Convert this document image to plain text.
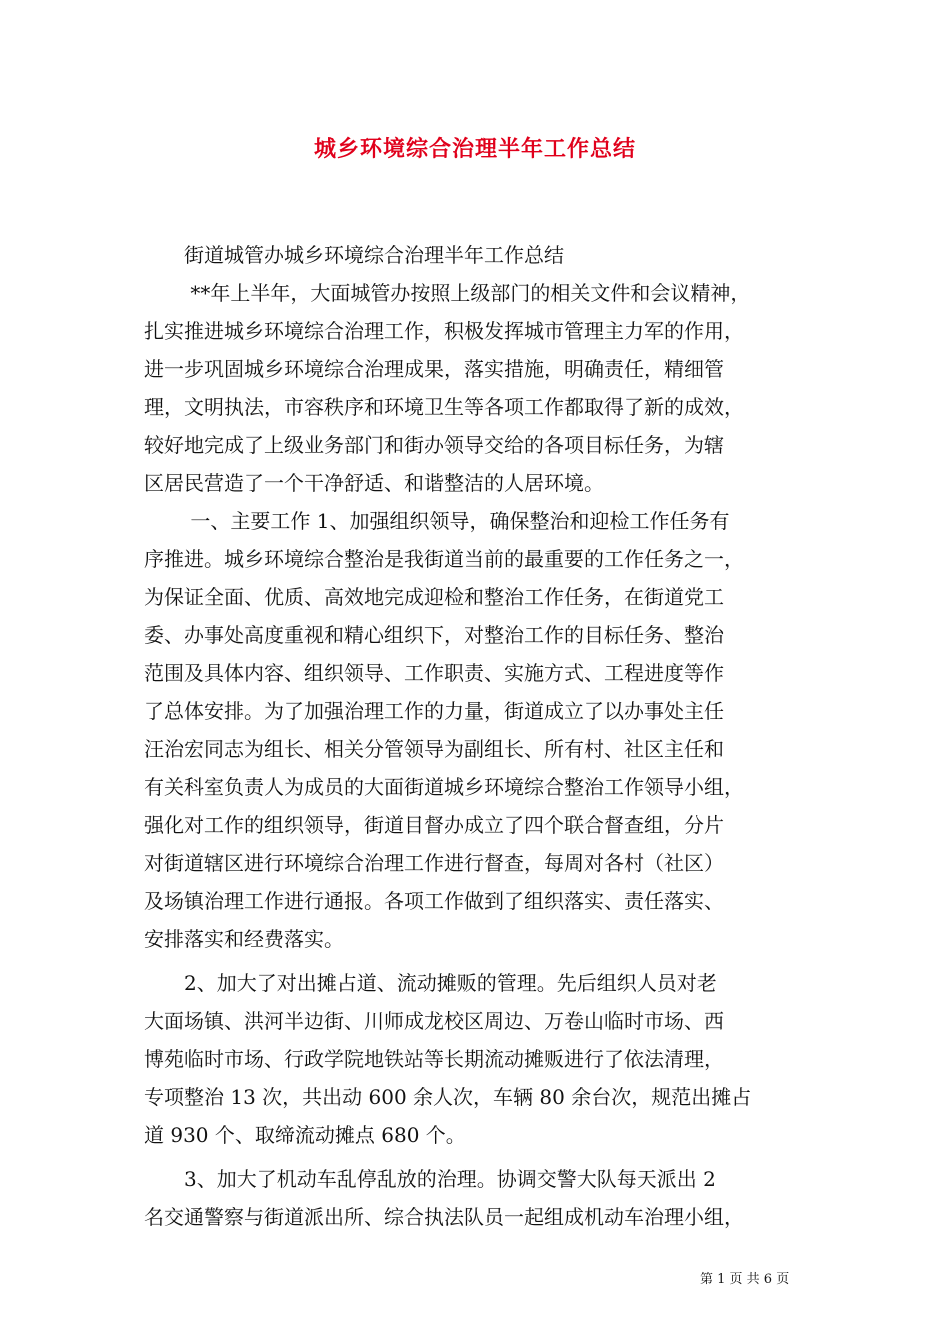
城乡环境综合治理半年工作总结
　　街道城管办城乡环境综合治理半年工作总结
　　 **年上半年，大面城管办按照上级部门的相关文件和会议精神，
扎实推进城乡环境综合治理工作，积极发挥城市管理主力军的作用，
进一步巩固城乡环境综合治理成果，落实措施，明确责任，精细管
理，文明执法，市容秩序和环境卫生等各项工作都取得了新的成效，
较好地完成了上级业务部门和街办领导交给的各项目标任务，为辖
区居民营造了一个干净舒适、和谐整洁的人居环境。
　　 一、主要工作 1、加强组织领导，确保整治和迎检工作任务有
序推进。城乡环境综合整治是我街道当前的最重要的工作任务之一，
为保证全面、优质、高效地完成迎检和整治工作任务，在街道党工
委、办事处高度重视和精心组织下，对整治工作的目标任务、整治
范围及具体内容、组织领导、工作职责、实施方式、工程进度等作
了总体安排。为了加强治理工作的力量，街道成立了以办事处主任
汪治宏同志为组长、相关分管领导为副组长、所有村、社区主任和
有关科室负责人为成员的大面街道城乡环境综合整治工作领导小组，
强化对工作的组织领导，街道目督办成立了四个联合督查组，分片
对街道辖区进行环境综合治理工作进行督查，每周对各村（社区）
及场镇治理工作进行通报。各项工作做到了组织落实、责任落实、
安排落实和经费落实。
　　2、加大了对出摊占道、流动摊贩的管理。先后组织人员对老
大面场镇、洪河半边街、川师成龙校区周边、万卷山临时市场、西
博苑临时市场、行政学院地铁站等长期流动摊贩进行了依法清理，
专项整治 13 次，共出动 600 余人次，车辆 80 余台次，规范出摊占
道 930 个、取缔流动摊点 680 个。
　　3、加大了机动车乱停乱放的治理。协调交警大队每天派出 2
名交通警察与街道派出所、综合执法队员一起组成机动车治理小组，
第 1 页 共 6 页
